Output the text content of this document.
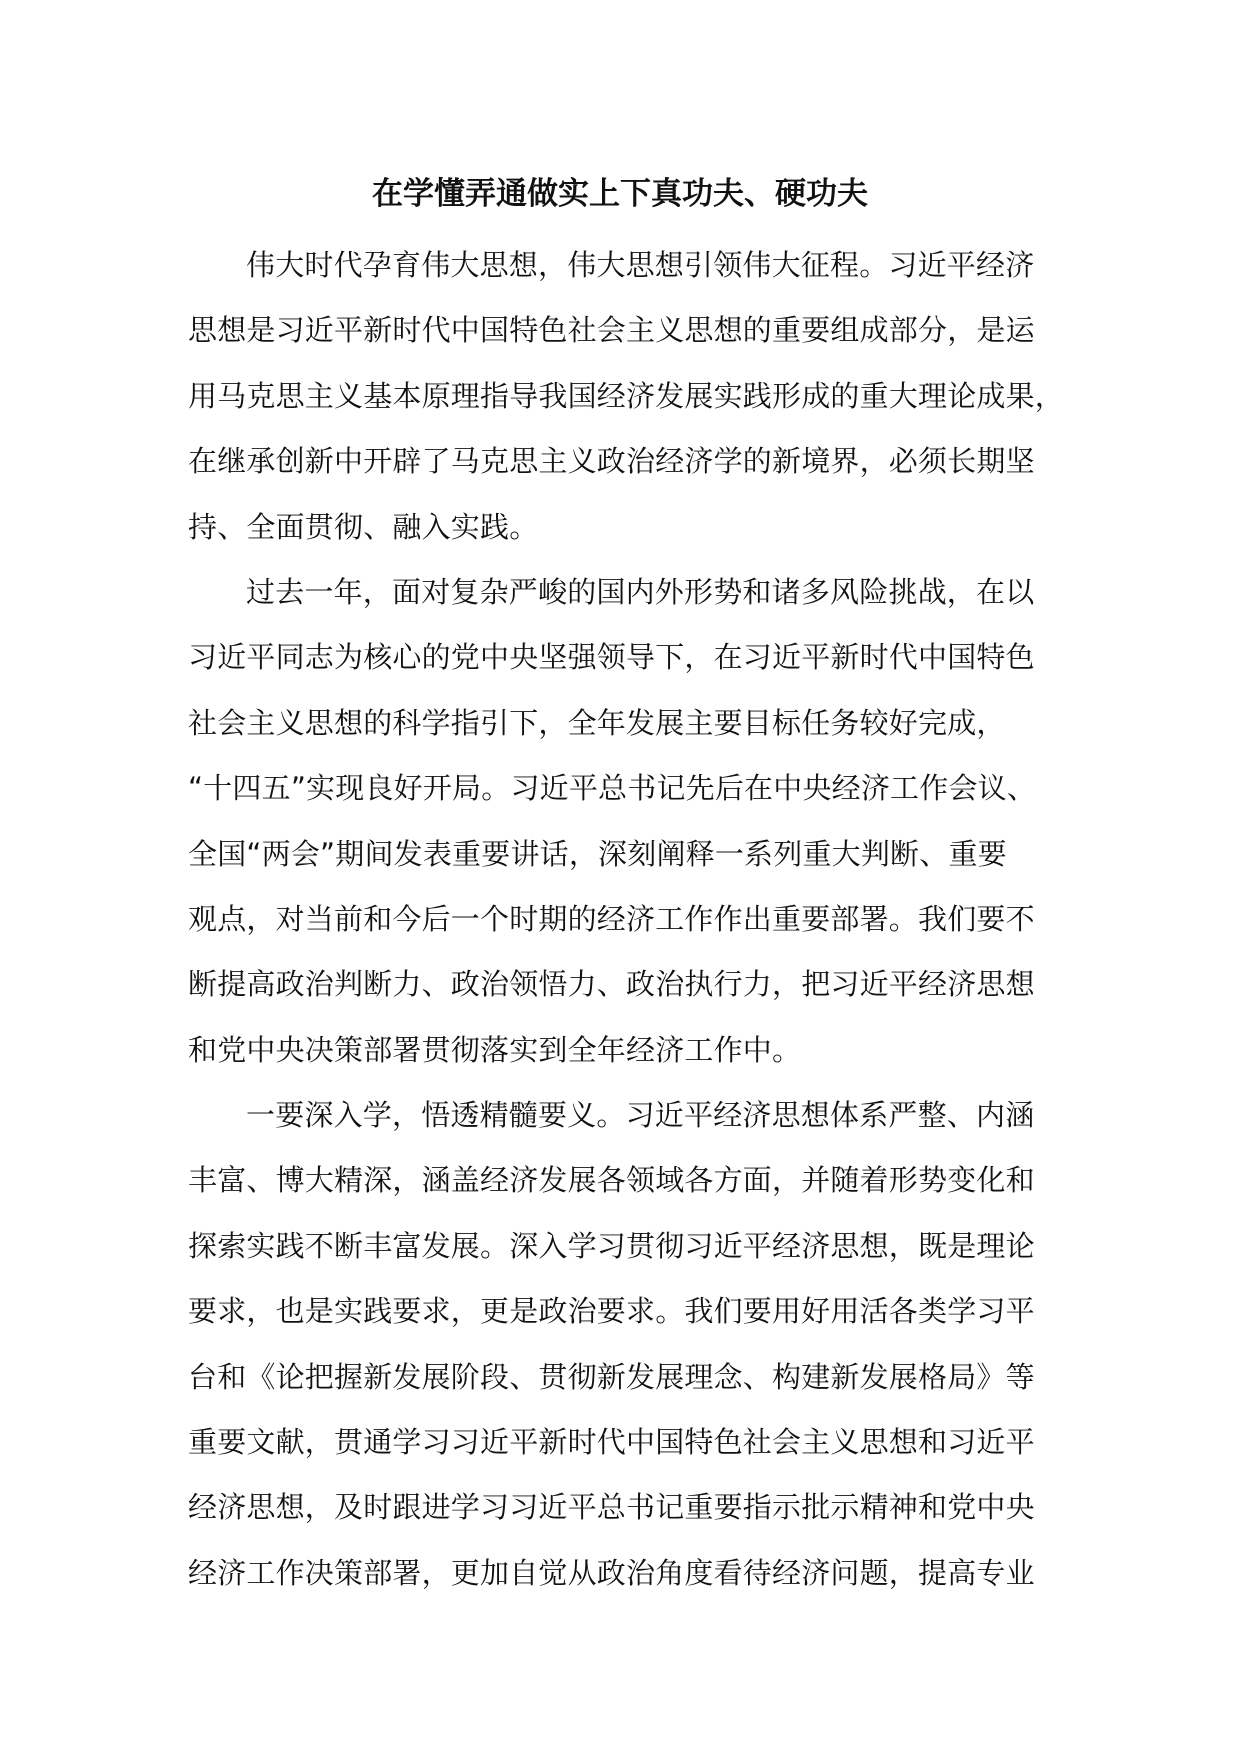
在学懂弄通做实上下真功夫、硬功夫
伟大时代孕育伟大思想，伟大思想引领伟大征程。习近平经济
思想是习近平新时代中国特色社会主义思想的重要组成部分，是运
用马克思主义基本原理指导我国经济发展实践形成的重大理论成果，
在继承创新中开辟了马克思主义政治经济学的新境界，必须长期坚
持、全面贯彻、融入实践。
过去一年，面对复杂严峻的国内外形势和诸多风险挑战，在以
习近平同志为核心的党中央坚强领导下，在习近平新时代中国特色
社会主义思想的科学指引下，全年发展主要目标任务较好完成，
“十四五”实现良好开局。习近平总书记先后在中央经济工作会议、
全国“两会”期间发表重要讲话，深刻阐释一系列重大判断、重要
观点，对当前和今后一个时期的经济工作作出重要部署。我们要不
断提高政治判断力、政治领悟力、政治执行力，把习近平经济思想
和党中央决策部署贯彻落实到全年经济工作中。
一要深入学，悟透精髓要义。习近平经济思想体系严整、内涵
丰富、博大精深，涵盖经济发展各领域各方面，并随着形势变化和
探索实践不断丰富发展。深入学习贯彻习近平经济思想，既是理论
要求，也是实践要求，更是政治要求。我们要用好用活各类学习平
台和《论把握新发展阶段、贯彻新发展理念、构建新发展格局》等
重要文献，贯通学习习近平新时代中国特色社会主义思想和习近平
经济思想，及时跟进学习习近平总书记重要指示批示精神和党中央
经济工作决策部署，更加自觉从政治角度看待经济问题，提高专业
